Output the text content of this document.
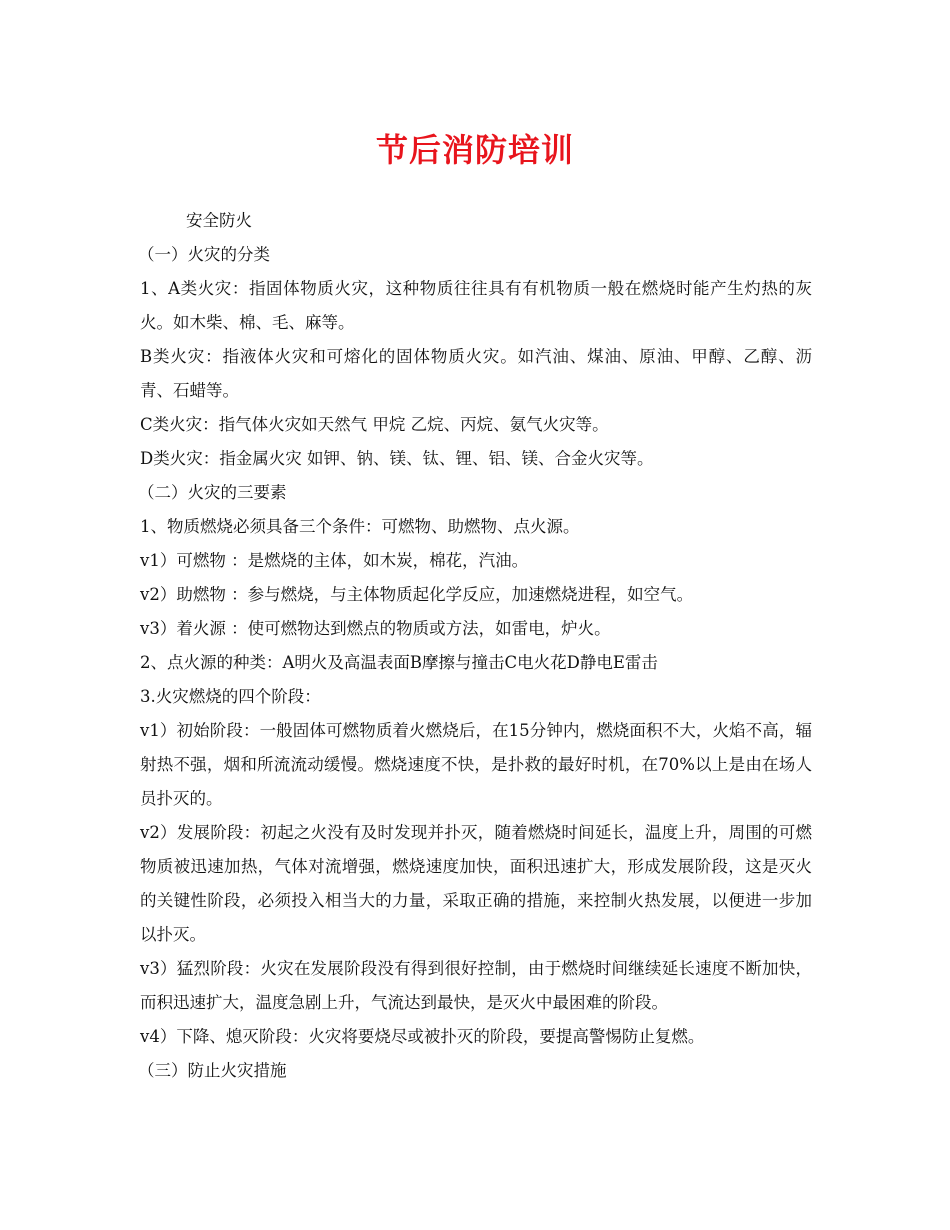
节后消防培训

安全防火

（一）火灾的分类

1、A类火灾：指固体物质火灾，这种物质往往具有有机物质一般在燃烧时能产生灼热的灰火。如木柴、棉、毛、麻等。

B类火灾：指液体火灾和可熔化的固体物质火灾。如汽油、煤油、原油、甲醇、乙醇、沥青、石蜡等。

C类火灾：指气体火灾如天然气 甲烷 乙烷、丙烷、氨气火灾等。

D类火灾：指金属火灾 如钾、钠、镁、钛、锂、铝、镁、合金火灾等。

（二）火灾的三要素

1、物质燃烧必须具备三个条件：可燃物、助燃物、点火源。

v1）可燃物 ：是燃烧的主体，如木炭，棉花，汽油。

v2）助燃物 ：参与燃烧，与主体物质起化学反应，加速燃烧进程，如空气。

v3）着火源 ：使可燃物达到燃点的物质或方法，如雷电，炉火。

2、点火源的种类：A明火及高温表面B摩擦与撞击C电火花D静电E雷击

3.火灾燃烧的四个阶段：

v1）初始阶段：一般固体可燃物质着火燃烧后，在15分钟内，燃烧面积不大，火焰不高，辐射热不强，烟和所流流动缓慢。燃烧速度不快，是扑救的最好时机，在70%以上是由在场人员扑灭的。

v2）发展阶段：初起之火没有及时发现并扑灭，随着燃烧时间延长，温度上升，周围的可燃物质被迅速加热，气体对流增强，燃烧速度加快，面积迅速扩大，形成发展阶段，这是灭火的关键性阶段，必须投入相当大的力量，采取正确的措施，来控制火热发展，以便进一步加以扑灭。

v3）猛烈阶段：火灾在发展阶段没有得到很好控制，由于燃烧时间继续延长速度不断加快，而积迅速扩大，温度急剧上升，气流达到最快，是灭火中最困难的阶段。

v4）下降、熄灭阶段：火灾将要烧尽或被扑灭的阶段，要提高警惕防止复燃。

（三）防止火灾措施
